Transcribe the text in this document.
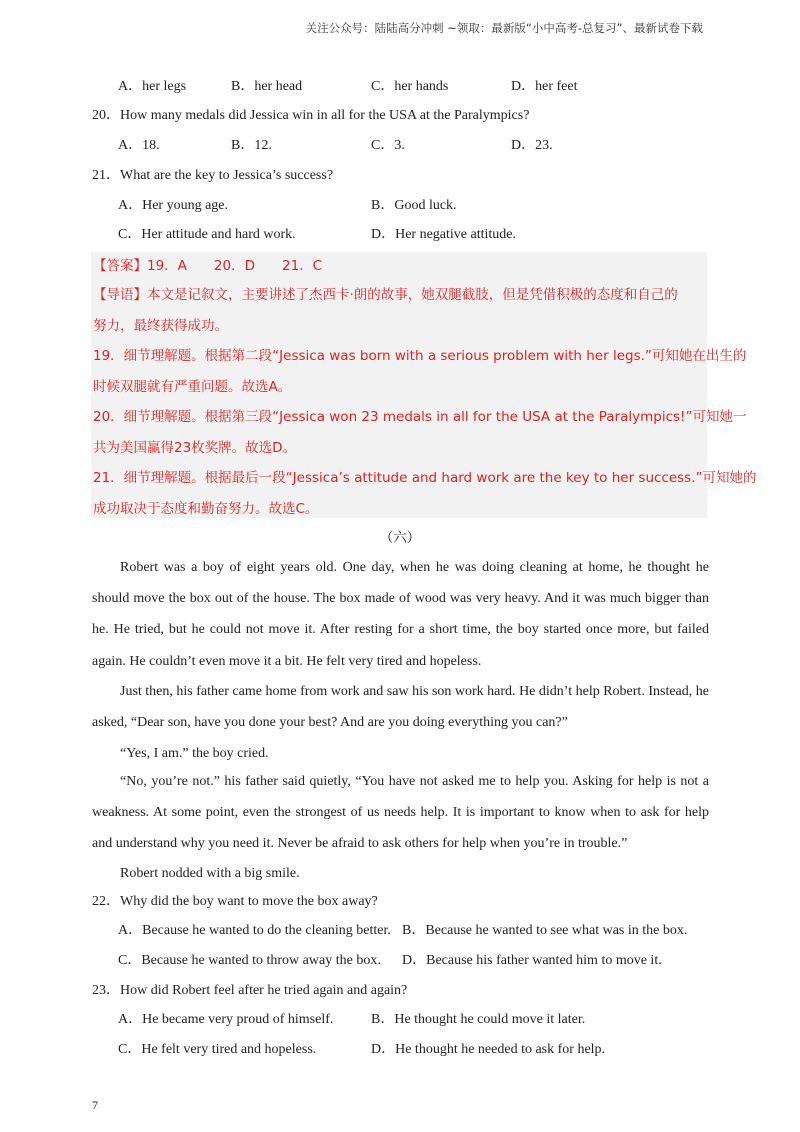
关注公众号：陆陆高分冲刺 ~领取：最新版“小中高考-总复习”、最新试卷下载
A．her legs	B．her head	C．her hands	D．her feet
20．How many medals did Jessica win in all for the USA at the Paralympics?
A．18.	B．12.	C．3.	D．23.
21．What are the key to Jessica’s success?
A．Her young age.	B．Good luck.
C．Her attitude and hard work.	D．Her negative attitude.
【答案】19．A　　20．D　　21．C
【导语】本文是记叙文，主要讲述了杰西卡·朗的故事，她双腿截肢，但是凭借积极的态度和自己的
努力，最终获得成功。
19．细节理解题。根据第二段“Jessica was born with a serious problem with her legs.”可知她在出生的
时候双腿就有严重问题。故选A。
20．细节理解题。根据第三段“Jessica won 23 medals in all for the USA at the Paralympics!”可知她一
共为美国赢得23枚奖牌。故选D。
21．细节理解题。根据最后一段“Jessica’s attitude and hard work are the key to her success.”可知她的
成功取决于态度和勤奋努力。故选C。
（六）
Robert was a boy of eight years old. One day, when he was doing cleaning at home, he thought he should move the box out of the house. The box made of wood was very heavy. And it was much bigger than he. He tried, but he could not move it. After resting for a short time, the boy started once more, but failed again. He couldn’t even move it a bit. He felt very tired and hopeless.
Just then, his father came home from work and saw his son work hard. He didn’t help Robert. Instead, he asked, “Dear son, have you done your best? And are you doing everything you can?”
“Yes, I am.” the boy cried.
“No, you’re not.” his father said quietly, “You have not asked me to help you. Asking for help is not a weakness. At some point, even the strongest of us needs help. It is important to know when to ask for help and understand why you need it. Never be afraid to ask others for help when you’re in trouble.”
Robert nodded with a big smile.
22．Why did the boy want to move the box away?
A．Because he wanted to do the cleaning better. B．Because he wanted to see what was in the box.
C．Because he wanted to throw away the box. D．Because his father wanted him to move it.
23．How did Robert feel after he tried again and again?
A．He became very proud of himself.	B．He thought he could move it later.
C．He felt very tired and hopeless.	D．He thought he needed to ask for help.
7
